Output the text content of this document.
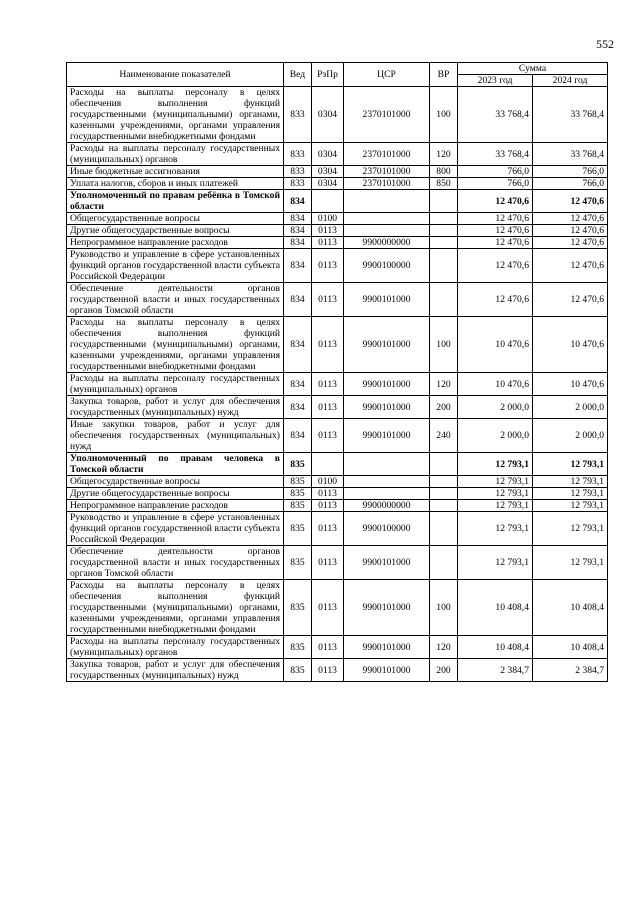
552
Наименование показателей	Вед	РзПр	ЦСР	ВР	Сумма	
					2023 год	2024 год
Расходы на выплаты персоналу в целях обеспечения выполнения функций государственными (муниципальными) органами, казенными учреждениями, органами управления государственными внебюджетными фондами	833	0304	2370101000	100	33 768,4	33 768,4
Расходы на выплаты персоналу государственных (муниципальных) органов	833	0304	2370101000	120	33 768,4	33 768,4
Иные бюджетные ассигнования	833	0304	2370101000	800	766,0	766,0
Уплата налогов, сборов и иных платежей	833	0304	2370101000	850	766,0	766,0
Уполномоченный по правам ребёнка в Томской области	834				12 470,6	12 470,6
Общегосударственные вопросы	834	0100			12 470,6	12 470,6
Другие общегосударственные вопросы	834	0113			12 470,6	12 470,6
Непрограммное направление расходов	834	0113	9900000000		12 470,6	12 470,6
Руководство и управление в сфере установленных функций органов государственной власти субъекта Российской Федерации	834	0113	9900100000		12 470,6	12 470,6
Обеспечение деятельности органов государственной власти и иных государственных органов Томской области	834	0113	9900101000		12 470,6	12 470,6
Расходы на выплаты персоналу в целях обеспечения выполнения функций государственными (муниципальными) органами, казенными учреждениями, органами управления государственными внебюджетными фондами	834	0113	9900101000	100	10 470,6	10 470,6
Расходы на выплаты персоналу государственных (муниципальных) органов	834	0113	9900101000	120	10 470,6	10 470,6
Закупка товаров, работ и услуг для обеспечения государственных (муниципальных) нужд	834	0113	9900101000	200	2 000,0	2 000,0
Иные закупки товаров, работ и услуг для обеспечения государственных (муниципальных) нужд	834	0113	9900101000	240	2 000,0	2 000,0
Уполномоченный по правам человека в Томской области	835				12 793,1	12 793,1
Общегосударственные вопросы	835	0100			12 793,1	12 793,1
Другие общегосударственные вопросы	835	0113			12 793,1	12 793,1
Непрограммное направление расходов	835	0113	9900000000		12 793,1	12 793,1
Руководство и управление в сфере установленных функций органов государственной власти субъекта Российской Федерации	835	0113	9900100000		12 793,1	12 793,1
Обеспечение деятельности органов государственной власти и иных государственных органов Томской области	835	0113	9900101000		12 793,1	12 793,1
Расходы на выплаты персоналу в целях обеспечения выполнения функций государственными (муниципальными) органами, казенными учреждениями, органами управления государственными внебюджетными фондами	835	0113	9900101000	100	10 408,4	10 408,4
Расходы на выплаты персоналу государственных (муниципальных) органов	835	0113	9900101000	120	10 408,4	10 408,4
Закупка товаров, работ и услуг для обеспечения государственных (муниципальных) нужд	835	0113	9900101000	200	2 384,7	2 384,7
